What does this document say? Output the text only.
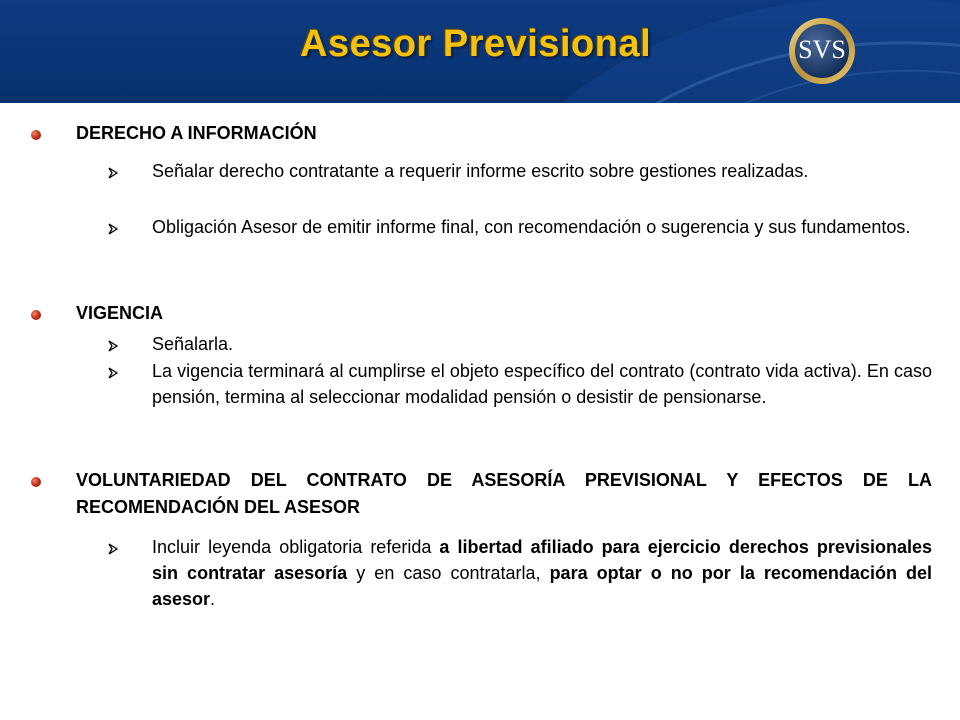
Asesor Previsional	SVS
DERECHO A INFORMACIÓN
Señalar derecho contratante a requerir informe escrito sobre gestiones realizadas.
Obligación Asesor de emitir informe final, con recomendación o sugerencia y sus fundamentos.
VIGENCIA
Señalarla.
La vigencia terminará al cumplirse el objeto específico del contrato (contrato vida activa). En caso pensión, termina al seleccionar modalidad pensión o desistir de pensionarse.
VOLUNTARIEDAD DEL CONTRATO DE ASESORÍA PREVISIONAL Y EFECTOS DE LA RECOMENDACIÓN DEL ASESOR
Incluir leyenda obligatoria referida a libertad afiliado para ejercicio derechos previsionales sin contratar asesoría y en caso contratarla, para optar o no por la recomendación del asesor.
